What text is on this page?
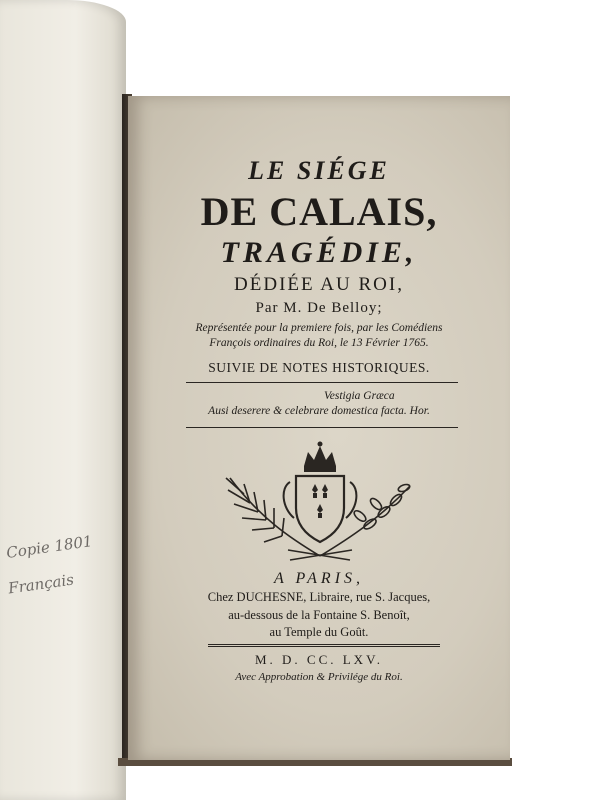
Copie 1801
Français
LE SIÉGE
DE CALAIS,
TRAGÉDIE,
DÉDIÉE AU ROI,
Par M. De Belloy;
Représentée pour la premiere fois, par les Comédiens
François ordinaires du Roi, le 13 Février 1765.
SUIVIE DE NOTES HISTORIQUES.
Vestigia Græca
Ausi deserere & celebrare domestica facta. Hor.
A PARIS,
Chez DUCHESNE, Libraire, rue S. Jacques,
au-dessous de la Fontaine S. Benoît,
au Temple du Goût.
M. D. CC. LXV.
Avec Approbation & Privilége du Roi.
